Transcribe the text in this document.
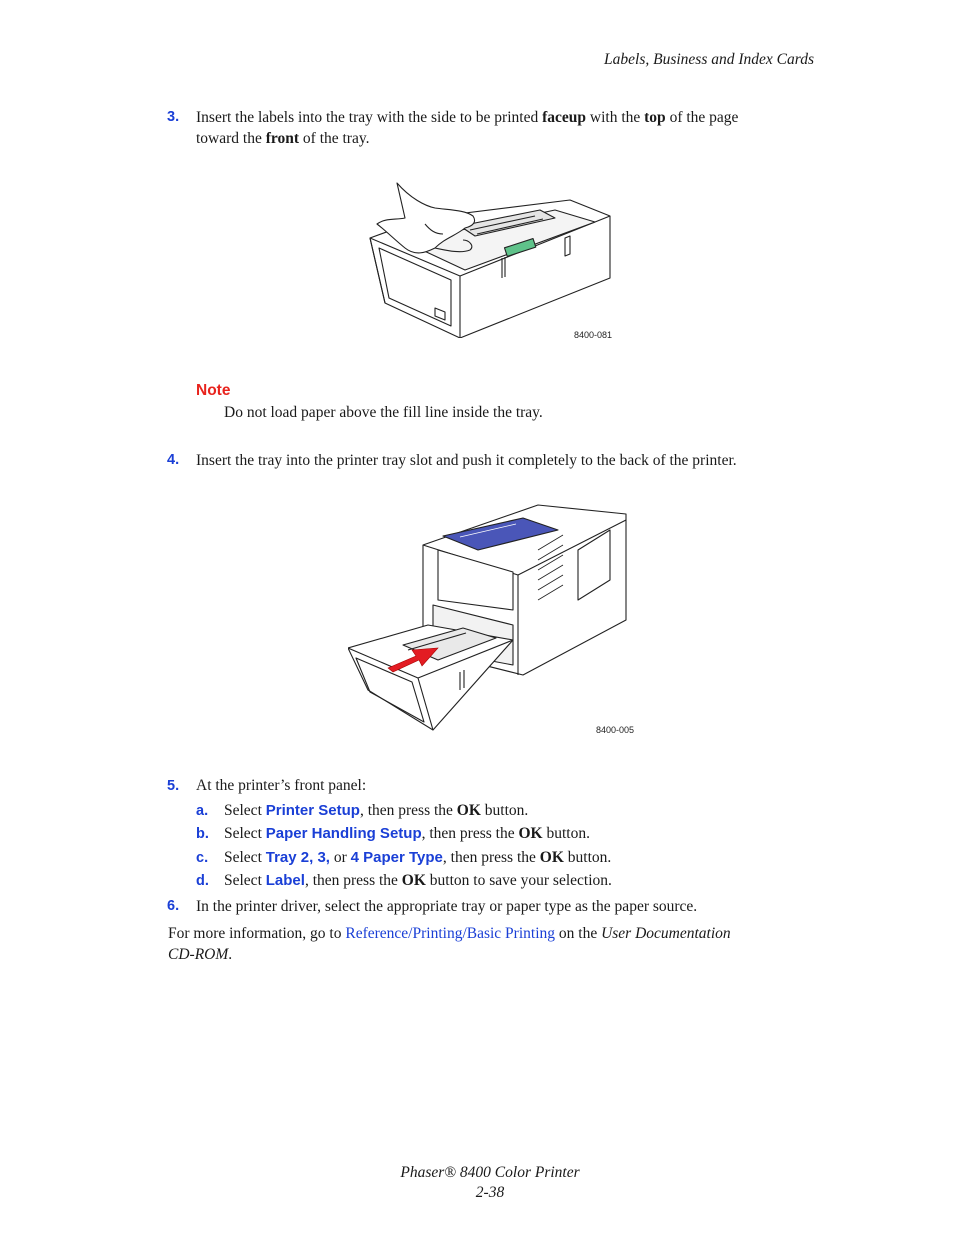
Labels, Business and Index Cards
3. Insert the labels into the tray with the side to be printed faceup with the top of the page
toward the front of the tray.
8400-081
Note
Do not load paper above the fill line inside the tray.
4. Insert the tray into the printer tray slot and push it completely to the back of the printer.
8400-005
5. At the printer’s front panel:
a. Select Printer Setup, then press the OK button.
b. Select Paper Handling Setup, then press the OK button.
c. Select Tray 2, 3, or 4 Paper Type, then press the OK button.
d. Select Label, then press the OK button to save your selection.
6. In the printer driver, select the appropriate tray or paper type as the paper source.
For more information, go to Reference/Printing/Basic Printing on the User Documentation
CD-ROM.
Phaser® 8400 Color Printer
2-38
